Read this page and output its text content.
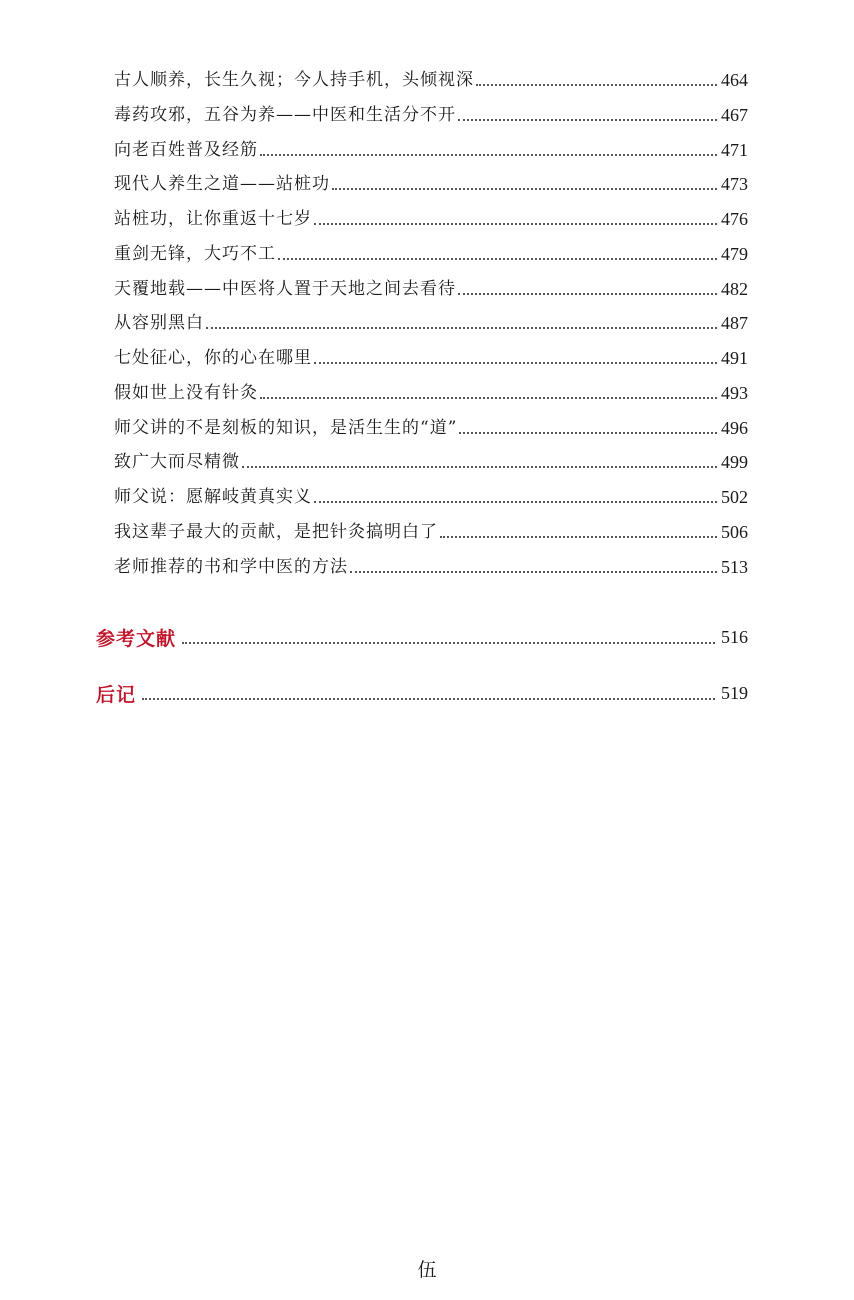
古人顺养，长生久视；今人持手机，头倾视深	464
毒药攻邪，五谷为养——中医和生活分不开	467
向老百姓普及经筋	471
现代人养生之道——站桩功	473
站桩功，让你重返十七岁	476
重剑无锋，大巧不工	479
天覆地载——中医将人置于天地之间去看待	482
从容别黑白	487
七处征心，你的心在哪里	491
假如世上没有针灸	493
师父讲的不是刻板的知识，是活生生的“道”	496
致广大而尽精微	499
师父说：愿解岐黄真实义	502
我这辈子最大的贡献，是把针灸搞明白了	506
老师推荐的书和学中医的方法	513
参考文献	516
后记	519
伍
